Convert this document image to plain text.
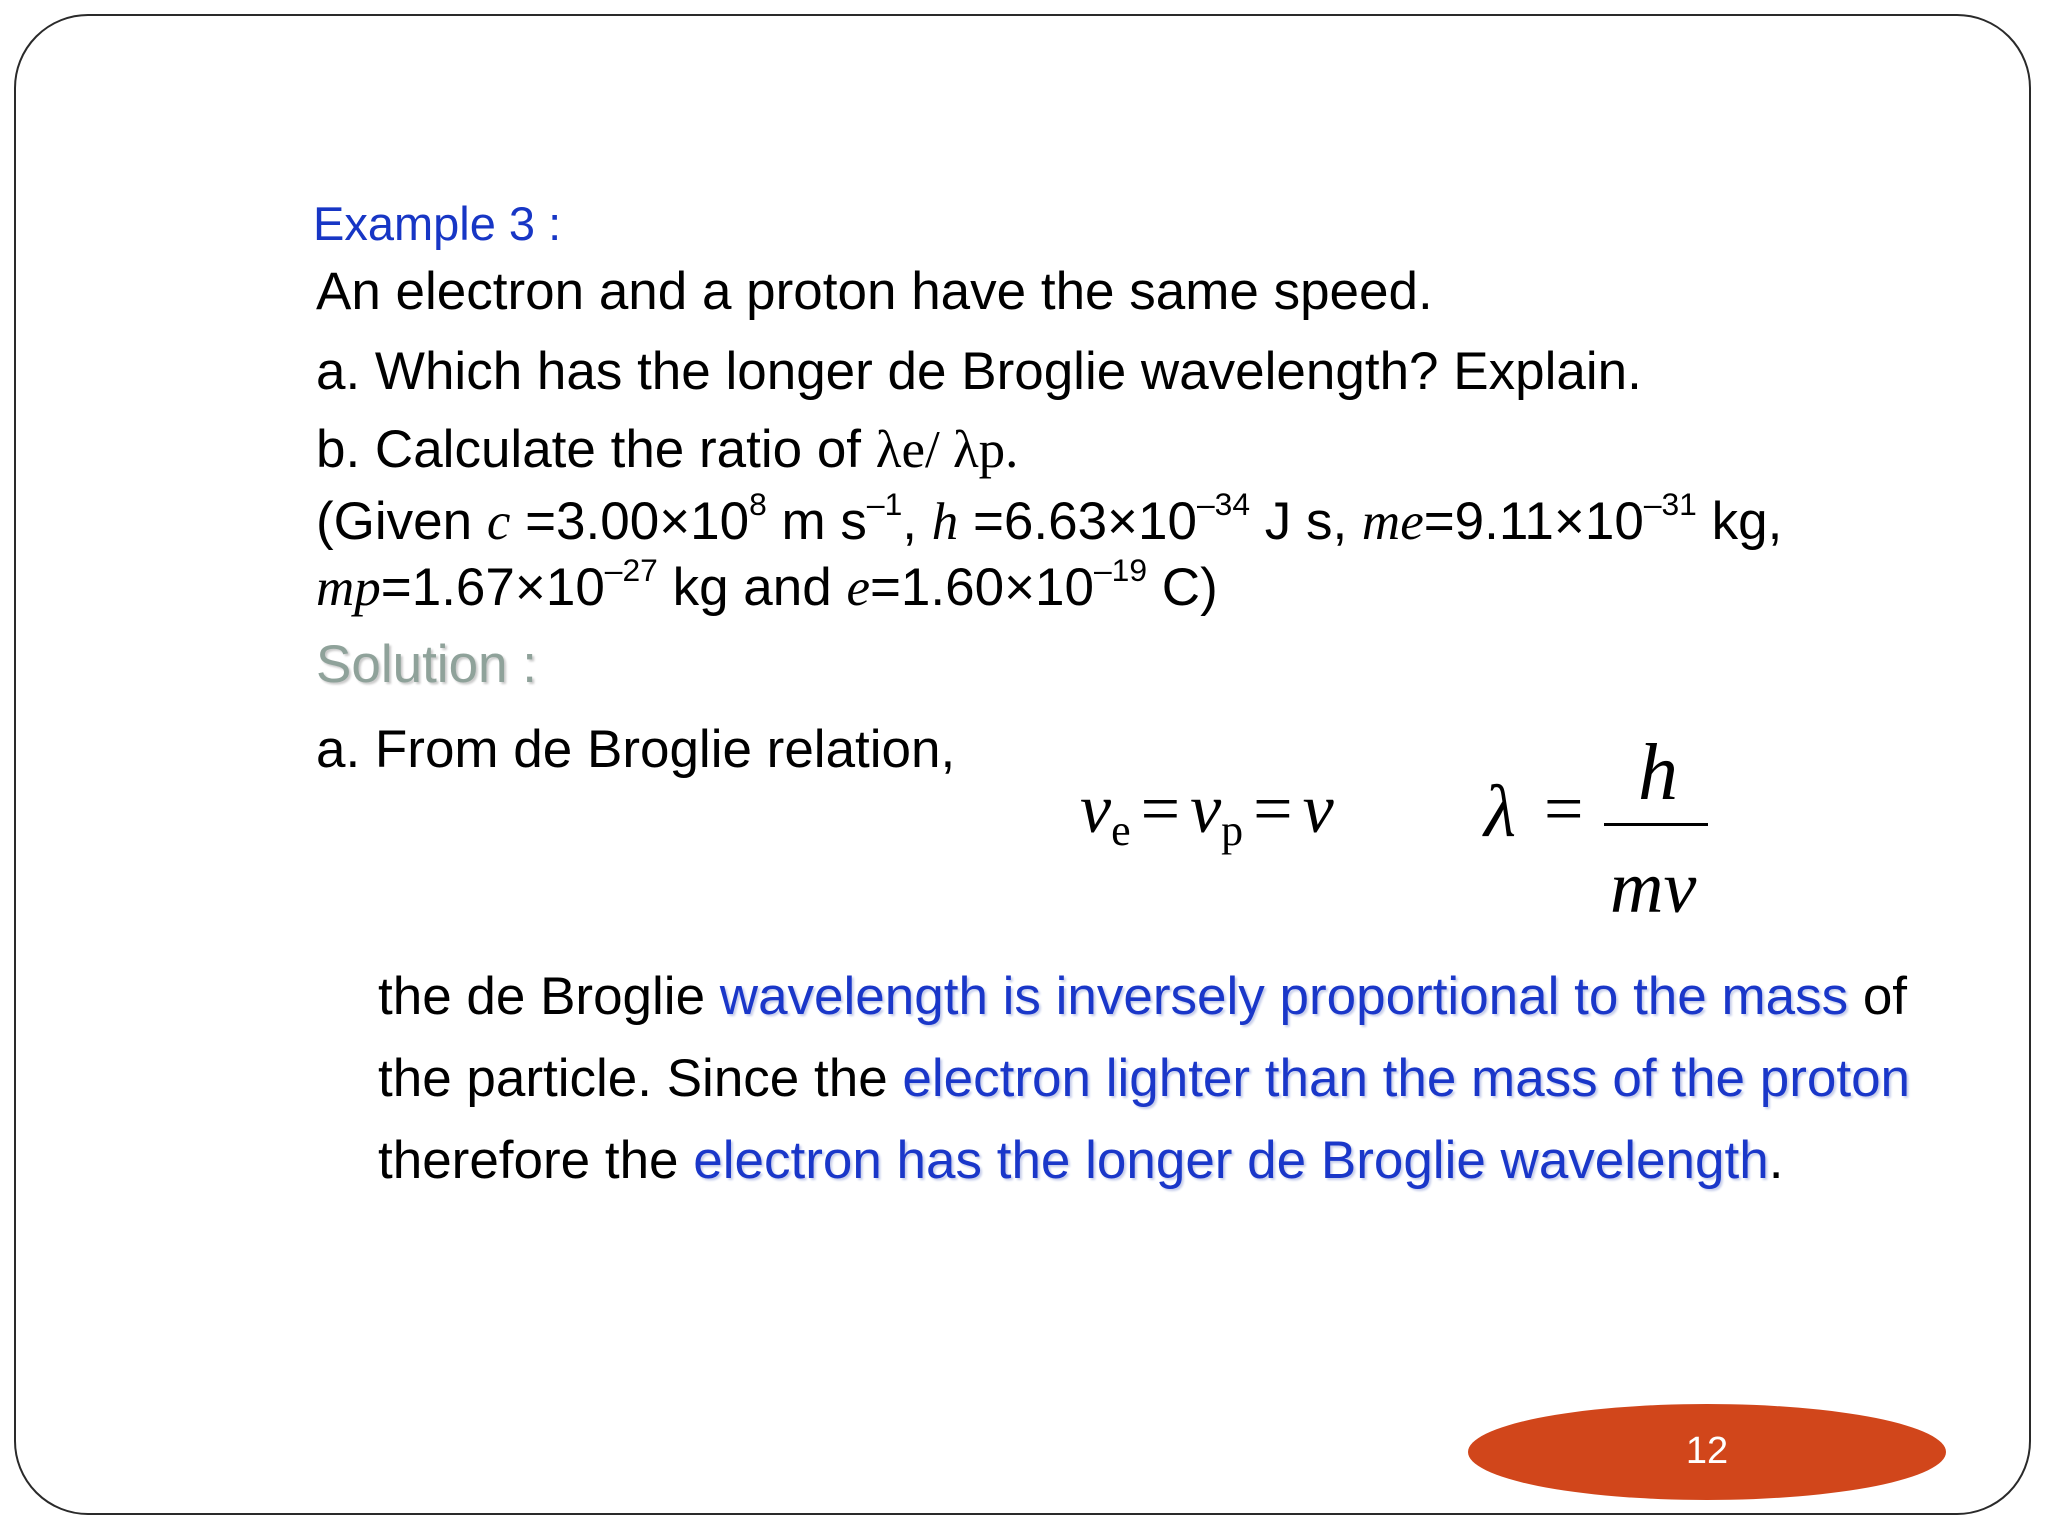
Example 3 :
An electron and a proton have the same speed.
a. Which has the longer de Broglie wavelength? Explain.
b. Calculate the ratio of λe/ λp.
(Given $c =3.00\times 10^8$ m $s^{-1}$, $h =6.63\times 10^{-34}$ J s, $me=9.11\times 10^{-31}$ kg,
$mp=1.67\times 10^{-27}$ kg and $e=1.60\times 10^{-19}$ C)
Solution :
a. From de Broglie relation,
$v_e = v_p = v$ λ = h
mv
the de Broglie wavelength is inversely proportional to the mass of the particle. Since the electron lighter than the mass of the proton therefore the electron has the longer de Broglie wavelength.
12
